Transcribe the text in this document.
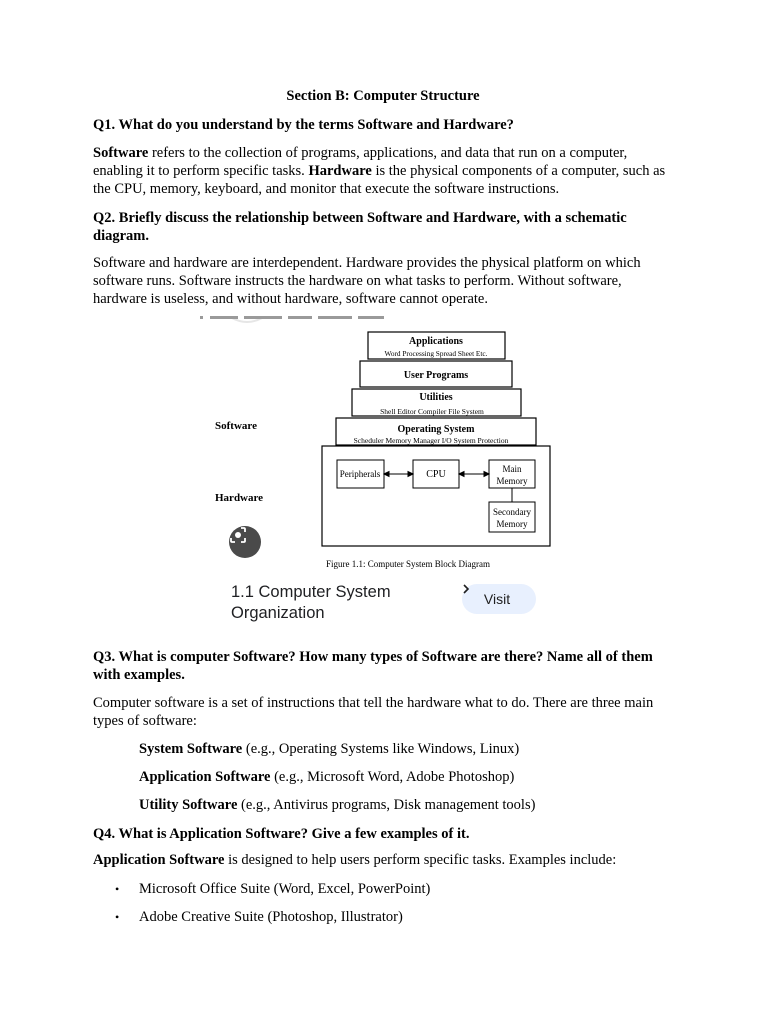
Section B: Computer Structure
Q1. What do you understand by the terms Software and Hardware?
Software refers to the collection of programs, applications, and data that run on a computer, enabling it to perform specific tasks. Hardware is the physical components of a computer, such as the CPU, memory, keyboard, and monitor that execute the software instructions.
Q2. Briefly discuss the relationship between Software and Hardware, with a schematic diagram.
Software and hardware are interdependent. Hardware provides the physical platform on which software runs. Software instructs the hardware on what tasks to perform. Without software, hardware is useless, and without hardware, software cannot operate.
Q3. What is computer Software? How many types of Software are there? Name all of them with examples.
Computer software is a set of instructions that tell the hardware what to do. There are three main types of software:
System Software (e.g., Operating Systems like Windows, Linux)
Application Software (e.g., Microsoft Word, Adobe Photoshop)
Utility Software (e.g., Antivirus programs, Disk management tools)
Q4. What is Application Software? Give a few examples of it.
Application Software is designed to help users perform specific tasks. Examples include:
• Microsoft Office Suite (Word, Excel, PowerPoint)
• Adobe Creative Suite (Photoshop, Illustrator)
Applications
Word Processing Spread Sheet Etc.
User Programs
Utilities
Shell Editor Compiler File System
Operating System
Scheduler Memory Manager I/O System Protection
Peripherals	CPU	Main
Memory
Secondary
Memory
Software
Hardware
Figure 1.1: Computer System Block Diagram
1.1 Computer System Organization
Visit
